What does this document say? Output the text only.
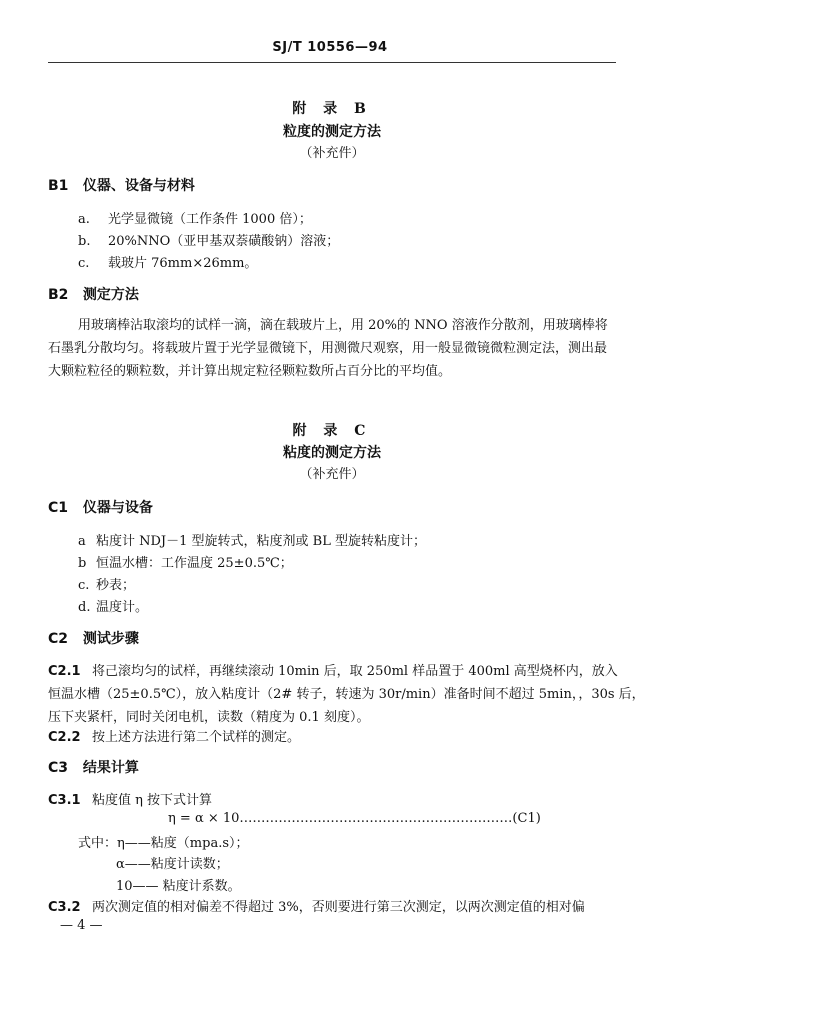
SJ/T 10556—94
附 录 B
粒度的测定方法
（补充件）
B1 仪器、设备与材料
a. 光学显微镜（工作条件 1000 倍）；
b. 20%NNO（亚甲基双萘磺酸钠）溶液；
c. 载玻片 76mm×26mm。
B2 测定方法
用玻璃棒沾取滚均的试样一滴，滴在载玻片上，用 20%的 NNO 溶液作分散剂，用玻璃棒将石墨乳分散均匀。将载玻片置于光学显微镜下，用测微尺观察，用一般显微镜微粒测定法，测出最大颗粒粒径的颗粒数，并计算出规定粒径颗粒数所占百分比的平均值。
附 录 C
粘度的测定方法
（补充件）
C1 仪器与设备
a 粘度计 NDJ－1 型旋转式，粘度剂或 BL 型旋转粘度计；
b 恒温水槽：工作温度 25±0.5℃；
c. 秒表；
d. 温度计。
C2 测试步骤
C2.1 将己滚均匀的试样，再继续滚动 10min 后，取 250ml 样品置于 400ml 高型烧杯内，放入
恒温水槽（25±0.5℃），放入粘度计（2# 转子，转速为 30r/min）准备时间不超过 5min，，30s 后，
压下夹紧杆，同时关闭电机，读数（精度为 0.1 刻度）。
C2.2 按上述方法进行第二个试样的测定。
C3 结果计算
C3.1 粘度值 η 按下式计算
η = α × 10………………………………………………………(C1)
式中：η——粘度（mpa.s）；
α——粘度计读数；
10—— 粘度计系数。
C3.2 两次测定值的相对偏差不得超过 3%，否则要进行第三次测定，以两次测定值的相对偏
— 4 —
